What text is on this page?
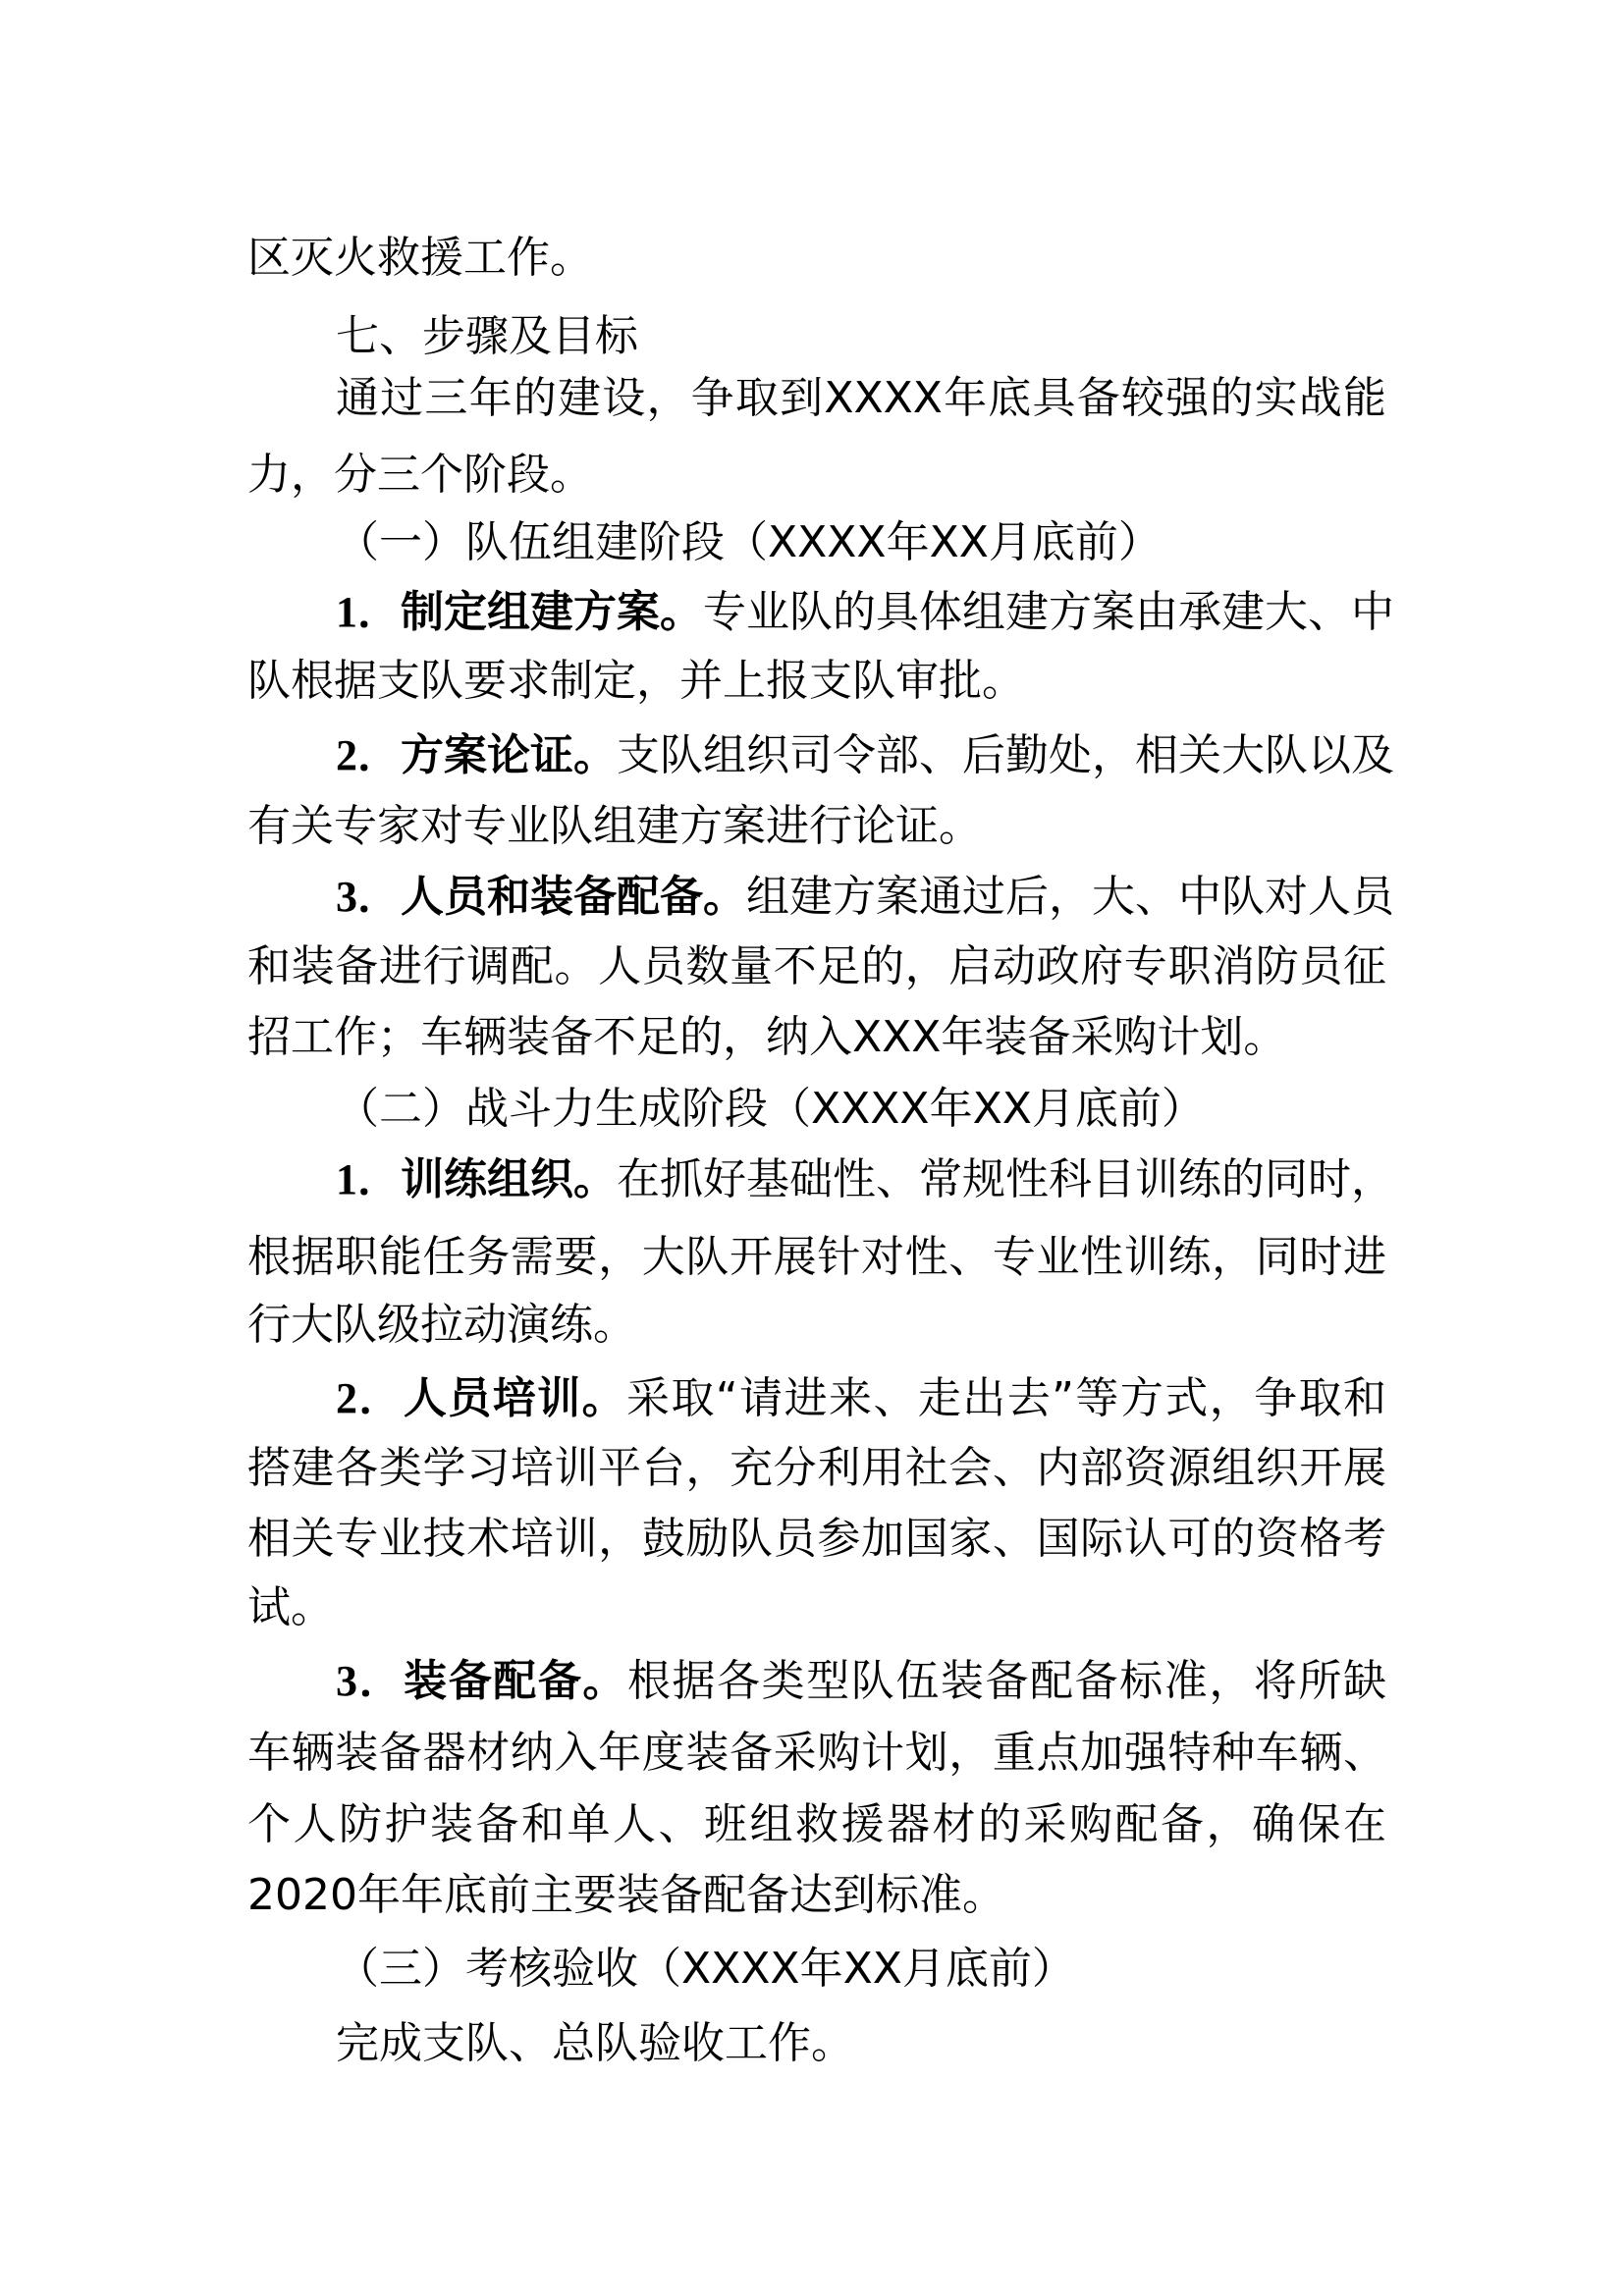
区灭火救援工作。
七、步骤及目标
通过三年的建设，争取到XXXX年底具备较强的实战能
力，分三个阶段。
（一）队伍组建阶段（XXXX年XX月底前）
1．制定组建方案。专业队的具体组建方案由承建大、中
队根据支队要求制定，并上报支队审批。
2．方案论证。支队组织司令部、后勤处，相关大队以及
有关专家对专业队组建方案进行论证。
3．人员和装备配备。组建方案通过后，大、中队对人员
和装备进行调配。人员数量不足的，启动政府专职消防员征
招工作；车辆装备不足的，纳入XXX年装备采购计划。
（二）战斗力生成阶段（XXXX年XX月底前）
1．训练组织。在抓好基础性、常规性科目训练的同时，
根据职能任务需要，大队开展针对性、专业性训练，同时进
行大队级拉动演练。
2．人员培训。采取“请进来、走出去”等方式，争取和
搭建各类学习培训平台，充分利用社会、内部资源组织开展
相关专业技术培训，鼓励队员参加国家、国际认可的资格考
试。
3．装备配备。根据各类型队伍装备配备标准，将所缺
车辆装备器材纳入年度装备采购计划，重点加强特种车辆、
个人防护装备和单人、班组救援器材的采购配备，确保在
2020年年底前主要装备配备达到标准。
（三）考核验收（XXXX年XX月底前）
完成支队、总队验收工作。
